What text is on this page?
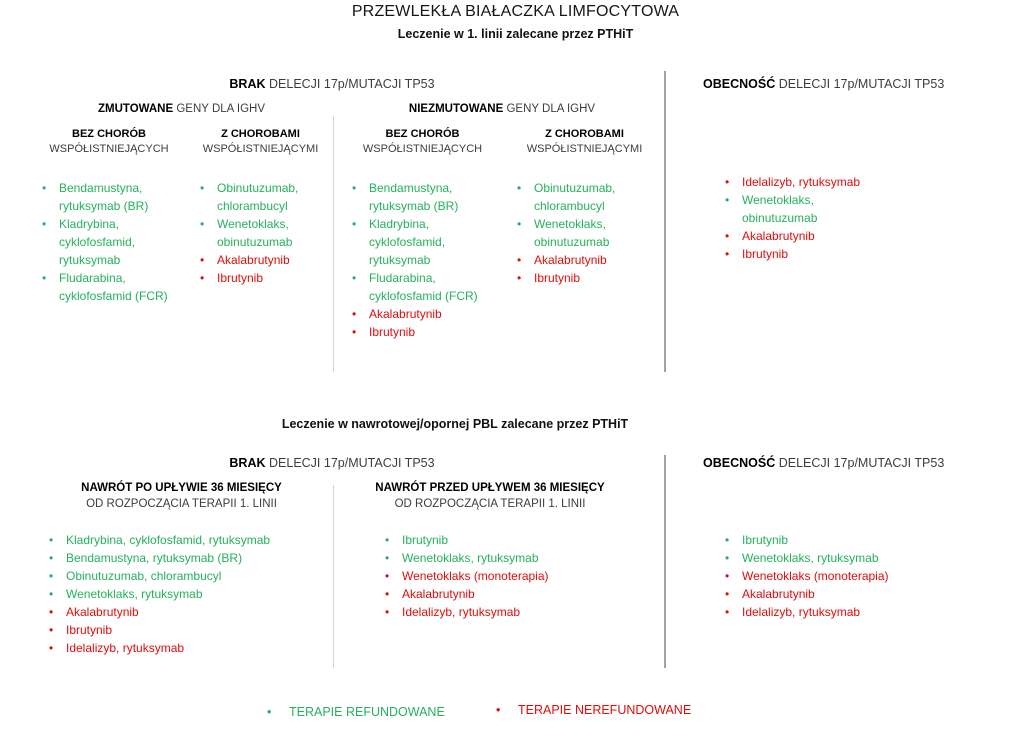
PRZEWLEKŁA BIAŁACZKA LIMFOCYTOWA
Leczenie w 1. linii zalecane przez PTHiT
BRAK DELECJI 17p/MUTACJI TP53
ZMUTOWANE GENY DLA IGHV
BEZ CHORÓB
WSPÓŁISTNIEJĄCYCH
• Bendamustyna, rytuksymab (BR)
• Kladrybina, cyklofosfamid, rytuksymab
• Fludarabina, cyklofosfamid (FCR)
Z CHOROBAMI
WSPÓŁISTNIEJĄCYMI
• Obinutuzumab, chlorambucyl
• Wenetoklaks, obinutuzumab
• Akalabrutynib
• Ibrutynib
NIEZMUTOWANE GENY DLA IGHV
BEZ CHORÓB
WSPÓŁISTNIEJĄCYCH
• Bendamustyna, rytuksymab (BR)
• Kladrybina, cyklofosfamid, rytuksymab
• Fludarabina, cyklofosfamid (FCR)
• Akalabrutynib
• Ibrutynib
Z CHOROBAMI
WSPÓŁISTNIEJĄCYMI
• Obinutuzumab, chlorambucyl
• Wenetoklaks, obinutuzumab
• Akalabrutynib
• Ibrutynib
OBECNOŚĆ DELECJI 17p/MUTACJI TP53
• Idelalizyb, rytuksymab
• Wenetoklaks, obinutuzumab
• Akalabrutynib
• Ibrutynib
Leczenie w nawrotowej/opornej PBL zalecane przez PTHiT
BRAK DELECJI 17p/MUTACJI TP53
NAWRÓT PO UPŁYWIE 36 MIESIĘCY
OD ROZPOCZĄCIA TERAPII 1. LINII
• Kladrybina, cyklofosfamid, rytuksymab
• Bendamustyna, rytuksymab (BR)
• Obinutuzumab, chlorambucyl
• Wenetoklaks, rytuksymab
• Akalabrutynib
• Ibrutynib
• Idelalizyb, rytuksymab
NAWRÓT PRZED UPŁYWEM 36 MIESIĘCY
OD ROZPOCZĄCIA TERAPII 1. LINII
• Ibrutynib
• Wenetoklaks, rytuksymab
• Wenetoklaks (monoterapia)
• Akalabrutynib
• Idelalizyb, rytuksymab
OBECNOŚĆ DELECJI 17p/MUTACJI TP53
• Ibrutynib
• Wenetoklaks, rytuksymab
• Wenetoklaks (monoterapia)
• Akalabrutynib
• Idelalizyb, rytuksymab
• TERAPIE REFUNDOWANE	• TERAPIE NEREFUNDOWANE
